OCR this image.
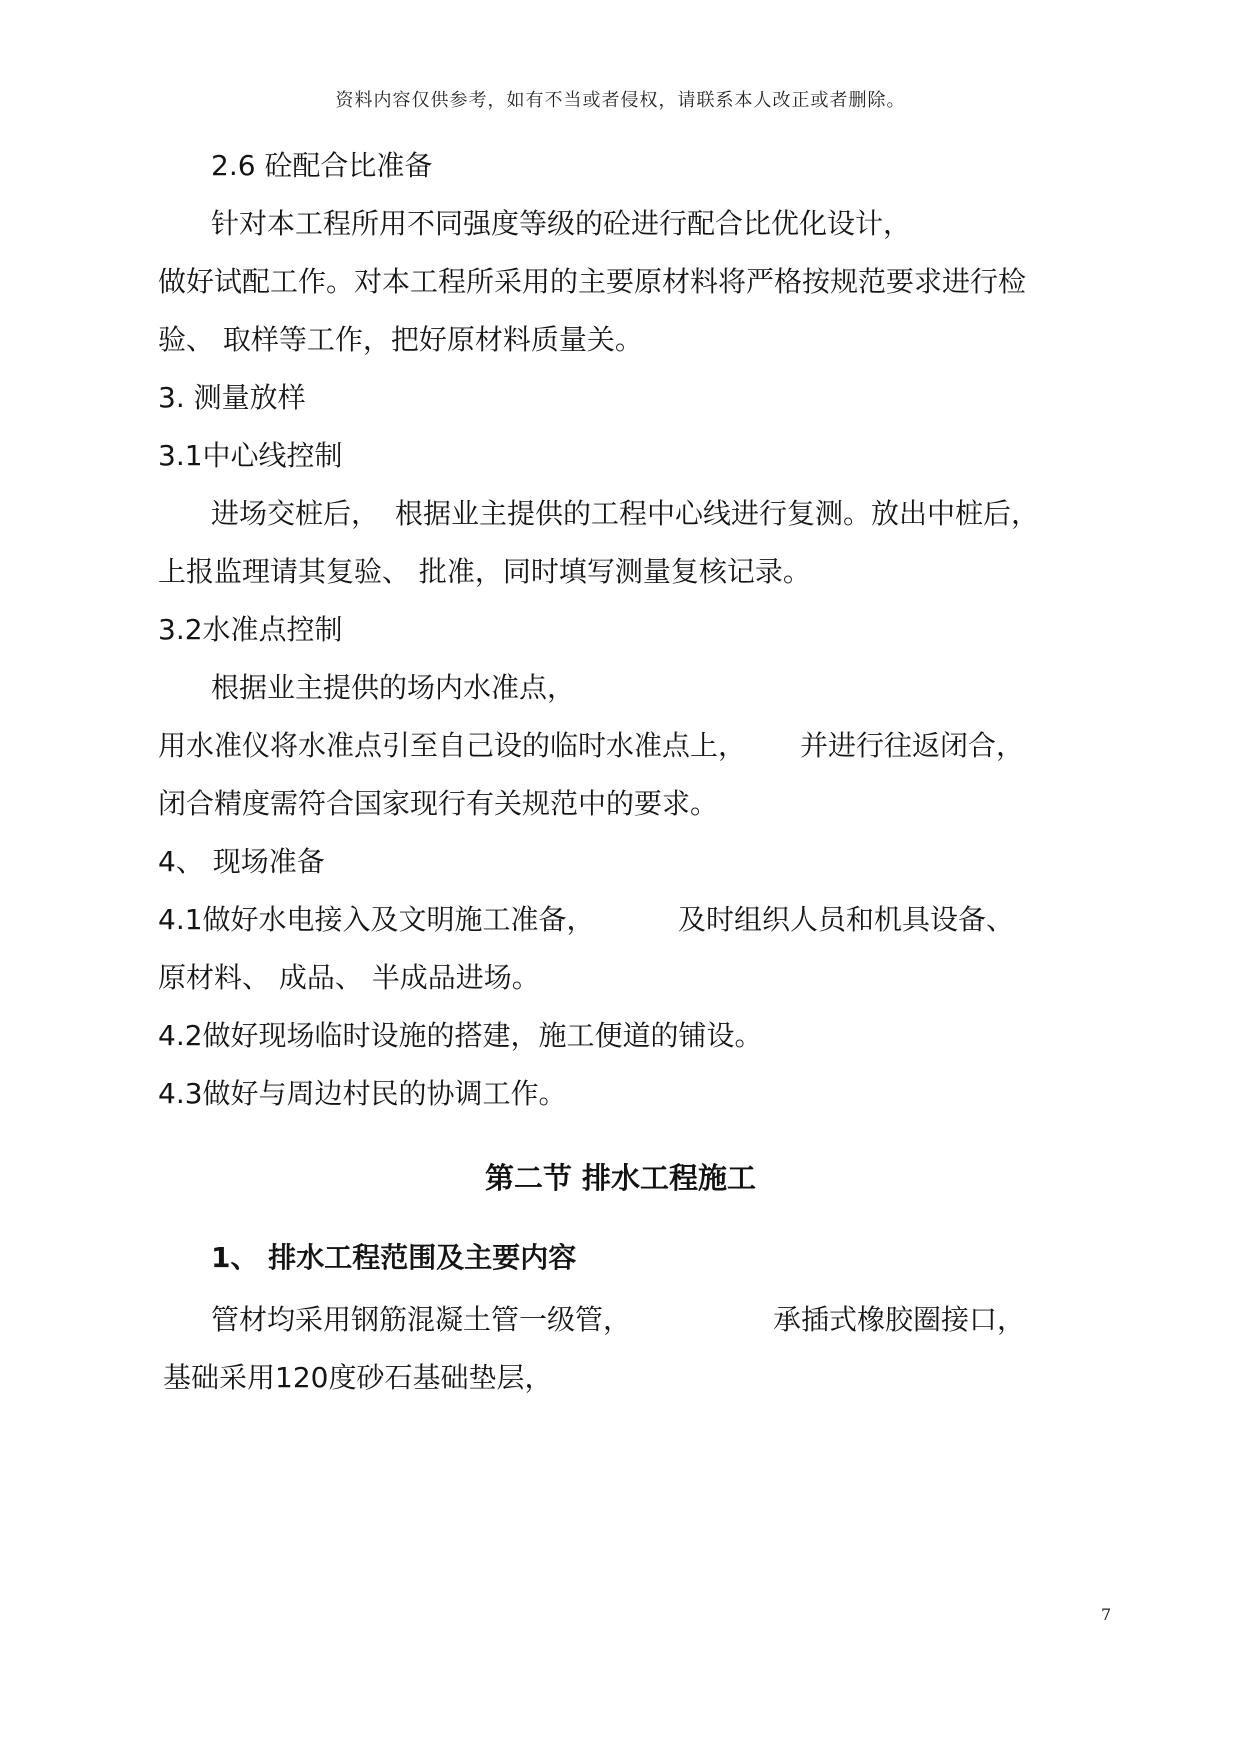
资料内容仅供参考，如有不当或者侵权，请联系本人改正或者删除。
2.6 砼配合比准备
针对本工程所用不同强度等级的砼进行配合比优化设计，
做好试配工作。对本工程所采用的主要原材料将严格按规范要求进行检
验、 取样等工作，把好原材料质量关。
3. 测量放样
3.1中心线控制
进场交桩后， 根据业主提供的工程中心线进行复测。放出中桩后，
上报监理请其复验、 批准，同时填写测量复核记录。
3.2水准点控制
根据业主提供的场内水准点，
用水准仪将水准点引至自己设的临时水准点上， 并进行往返闭合，
闭合精度需符合国家现行有关规范中的要求。
4、 现场准备
4.1做好水电接入及文明施工准备，	及时组织人员和机具设备、
原材料、 成品、 半成品进场。
4.2做好现场临时设施的搭建，施工便道的铺设。
4.3做好与周边村民的协调工作。
第二节 排水工程施工
1、 排水工程范围及主要内容
管材均采用钢筋混凝土管一级管，	承插式橡胶圈接口，
基础采用120度砂石基础垫层，
7
